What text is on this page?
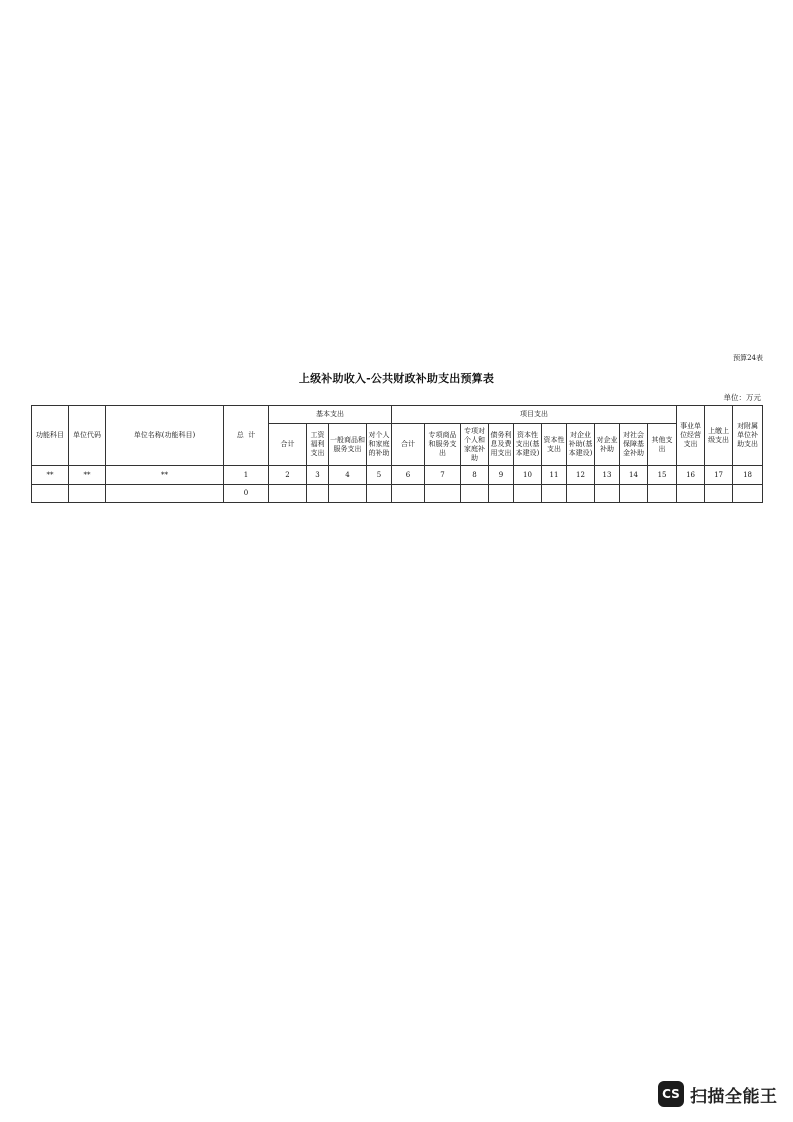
预算24表
上级补助收入-公共财政补助支出预算表
单位：万元
功能科目	单位代码	单位名称(功能科目)	总  计	基本支出				项目支出										事业单位经营支出	上缴上级支出	对附属单位补助支出
				合计	工资福利支出	一般商品和服务支出	对个人和家庭的补助	合计	专项商品和服务支出	专项对个人和家庭补助	债务利息及费用支出	资本性支出(基本建设)	资本性支出	对企业补助(基本建设)	对企业补助	对社会保障基金补助	其他支出			
**	**	**	1	2	3	4	5	6	7	8	9	10	11	12	13	14	15	16	17	18
			0																	
CS 扫描全能王
